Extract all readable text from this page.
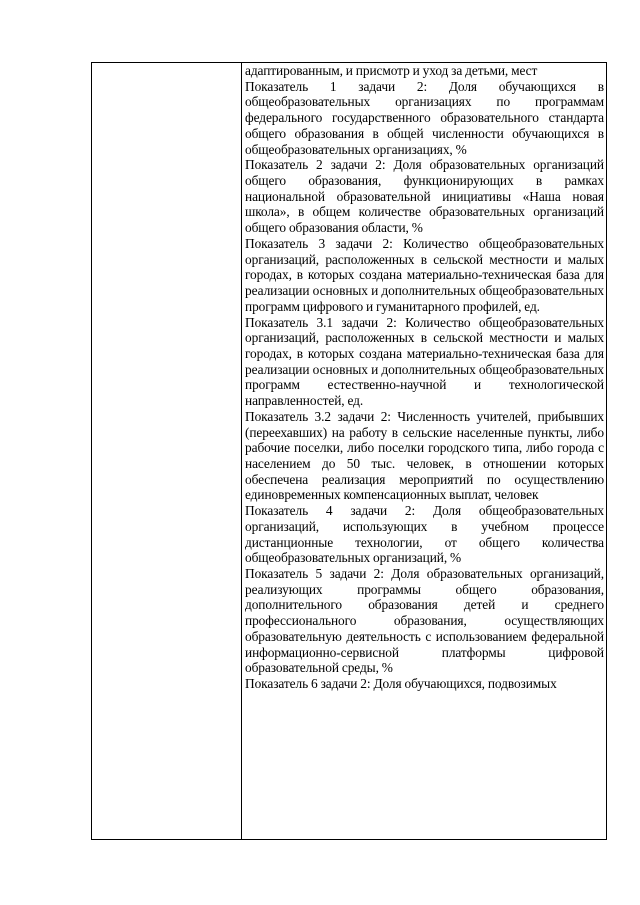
адаптированным, и присмотр и уход за детьми, мест
Показатель 1 задачи 2: Доля обучающихся в общеобразовательных организациях по программам федерального государственного образовательного стандарта общего образования в общей численности обучающихся в общеобразовательных организациях, %
Показатель 2 задачи 2: Доля образовательных организаций общего образования, функционирующих в рамках национальной образовательной инициативы «Наша новая школа», в общем количестве образовательных организаций общего образования области, %
Показатель 3 задачи 2: Количество общеобразовательных организаций, расположенных в сельской местности и малых городах, в которых создана материально-техническая база для реализации основных и дополнительных общеобразовательных программ цифрового и гуманитарного профилей, ед.
Показатель 3.1 задачи 2: Количество общеобразовательных организаций, расположенных в сельской местности и малых городах, в которых создана материально-техническая база для реализации основных и дополнительных общеобразовательных программ естественно-научной и технологической направленностей, ед.
Показатель 3.2 задачи 2: Численность учителей, прибывших (переехавших) на работу в сельские населенные пункты, либо рабочие поселки, либо поселки городского типа, либо города с населением до 50 тыс. человек, в отношении которых обеспечена реализация мероприятий по осуществлению единовременных компенсационных выплат, человек
Показатель 4 задачи 2: Доля общеобразовательных организаций, использующих в учебном процессе дистанционные технологии, от общего количества общеобразовательных организаций, %
Показатель 5 задачи 2: Доля образовательных организаций, реализующих программы общего образования, дополнительного образования детей и среднего профессионального образования, осуществляющих образовательную деятельность с использованием федеральной информационно-сервисной платформы цифровой образовательной среды, %
Показатель 6 задачи 2: Доля обучающихся, подвозимых
